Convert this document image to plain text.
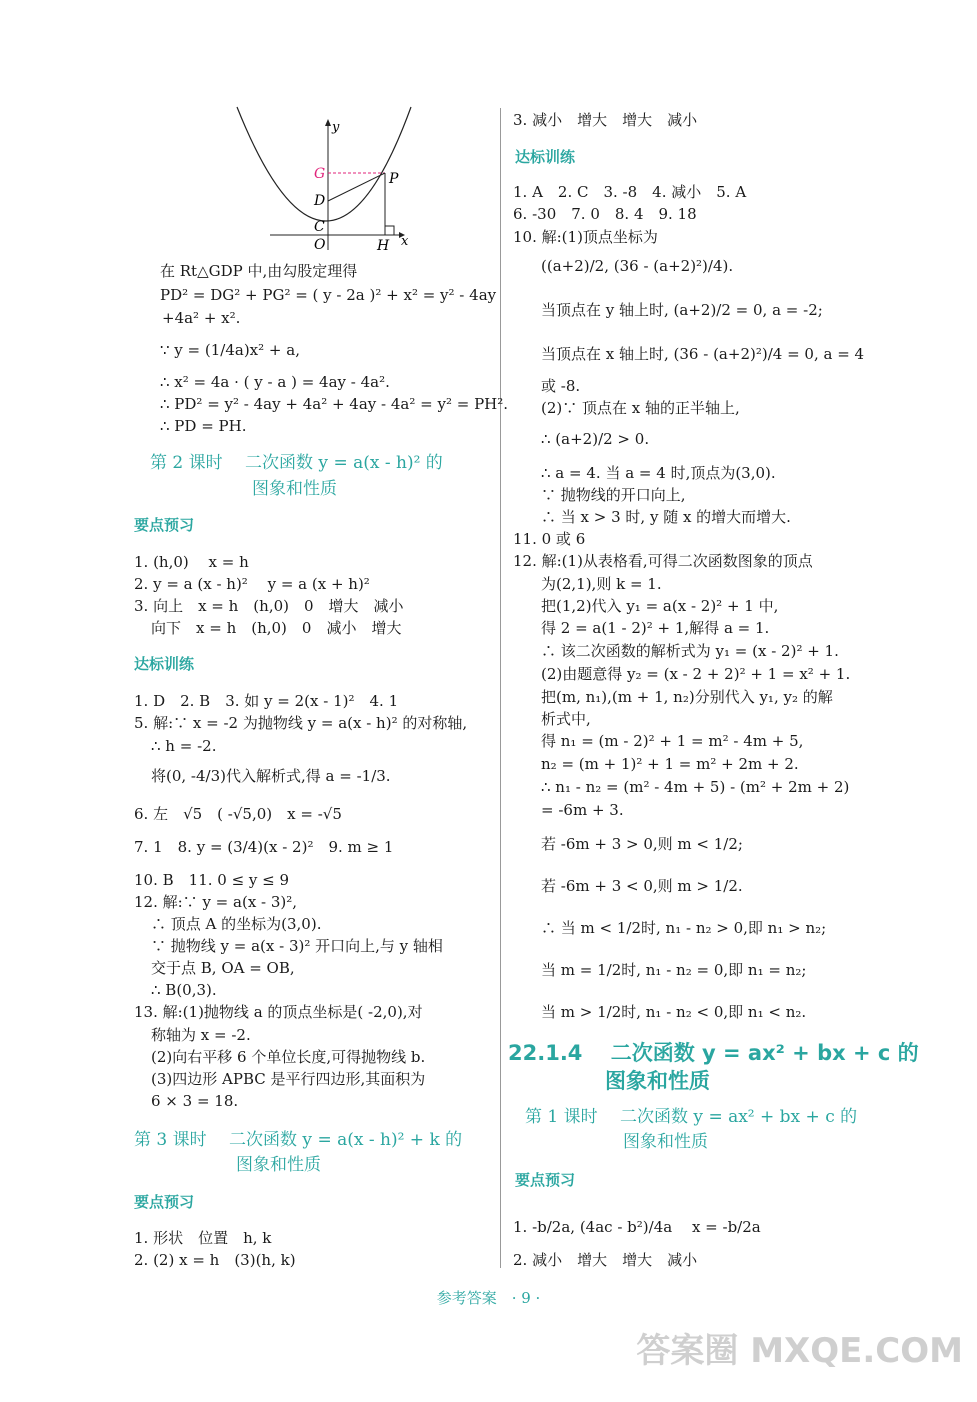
y
x
G
D
C
O
P
H
在 Rt△GDP 中,由勾股定理得
PD² = DG² + PG² = ( y - 2a )² + x² = y² - 4ay
+4a² + x².
∵ y = (1/4a)x² + a,
∴ x² = 4a · ( y - a ) = 4ay - 4a².
∴ PD² = y² - 4ay + 4a² + 4ay - 4a² = y² = PH².
∴ PD = PH.
第 2 课时　 二次函数 y = a(x - h)² 的
图象和性质
要点预习
1. (h,0)　 x = h
2. y = a (x - h)²　 y = a (x + h)²
3. 向上　x = h　(h,0)　0　增大　减小
向下　x = h　(h,0)　0　减小　增大
达标训练
1. D　2. B　3. 如 y = 2(x - 1)²　4. 1
5. 解:∵ x = -2 为抛物线 y = a(x - h)² 的对称轴,
∴ h = -2.
将(0, -4/3)代入解析式,得 a = -1/3.
6. 左　√5　( -√5,0)　x = -√5
7. 1　8. y = (3/4)(x - 2)²　9. m ≥ 1
10. B　11. 0 ≤ y ≤ 9
12. 解:∵ y = a(x - 3)²,
∴ 顶点 A 的坐标为(3,0).
∵ 抛物线 y = a(x - 3)² 开口向上,与 y 轴相
交于点 B, OA = OB,
∴ B(0,3).
13. 解:(1)抛物线 a 的顶点坐标是( -2,0),对
称轴为 x = -2.
(2)向右平移 6 个单位长度,可得抛物线 b.
(3)四边形 APBC 是平行四边形,其面积为
6 × 3 = 18.
第 3 课时　 二次函数 y = a(x - h)² + k 的
图象和性质
要点预习
1. 形状　位置　h, k
2. (2) x = h　(3)(h, k)
3. 减小　增大　增大　减小
达标训练
1. A　2. C　3. -8　4. 减小　5. A
6. -30　7. 0　8. 4　9. 18
10. 解:(1)顶点坐标为
((a+2)/2, (36 - (a+2)²)/4).
当顶点在 y 轴上时, (a+2)/2 = 0, a = -2;
当顶点在 x 轴上时, (36 - (a+2)²)/4 = 0, a = 4
或 -8.
(2)∵ 顶点在 x 轴的正半轴上,
∴ (a+2)/2 > 0.
∴ a = 4. 当 a = 4 时,顶点为(3,0).
∵ 抛物线的开口向上,
∴ 当 x > 3 时, y 随 x 的增大而增大.
11. 0 或 6
12. 解:(1)从表格看,可得二次函数图象的顶点
为(2,1),则 k = 1.
把(1,2)代入 y₁ = a(x - 2)² + 1 中,
得 2 = a(1 - 2)² + 1,解得 a = 1.
∴ 该二次函数的解析式为 y₁ = (x - 2)² + 1.
(2)由题意得 y₂ = (x - 2 + 2)² + 1 = x² + 1.
把(m, n₁),(m + 1, n₂)分别代入 y₁, y₂ 的解
析式中,
得 n₁ = (m - 2)² + 1 = m² - 4m + 5,
n₂ = (m + 1)² + 1 = m² + 2m + 2.
∴ n₁ - n₂ = (m² - 4m + 5) - (m² + 2m + 2)
= -6m + 3.
若 -6m + 3 > 0,则 m < 1/2;
若 -6m + 3 < 0,则 m > 1/2.
∴ 当 m < 1/2时, n₁ - n₂ > 0,即 n₁ > n₂;
当 m = 1/2时, n₁ - n₂ = 0,即 n₁ = n₂;
当 m > 1/2时, n₁ - n₂ < 0,即 n₁ < n₂.
22.1.4　 二次函数 y = ax² + bx + c 的
图象和性质
第 1 课时　 二次函数 y = ax² + bx + c 的
图象和性质
要点预习
1. -b/2a, (4ac - b²)/4a　 x = -b/2a
2. 减小　增大　增大　减小
参考答案　· 9 ·
答案圈 MXQE.COM
